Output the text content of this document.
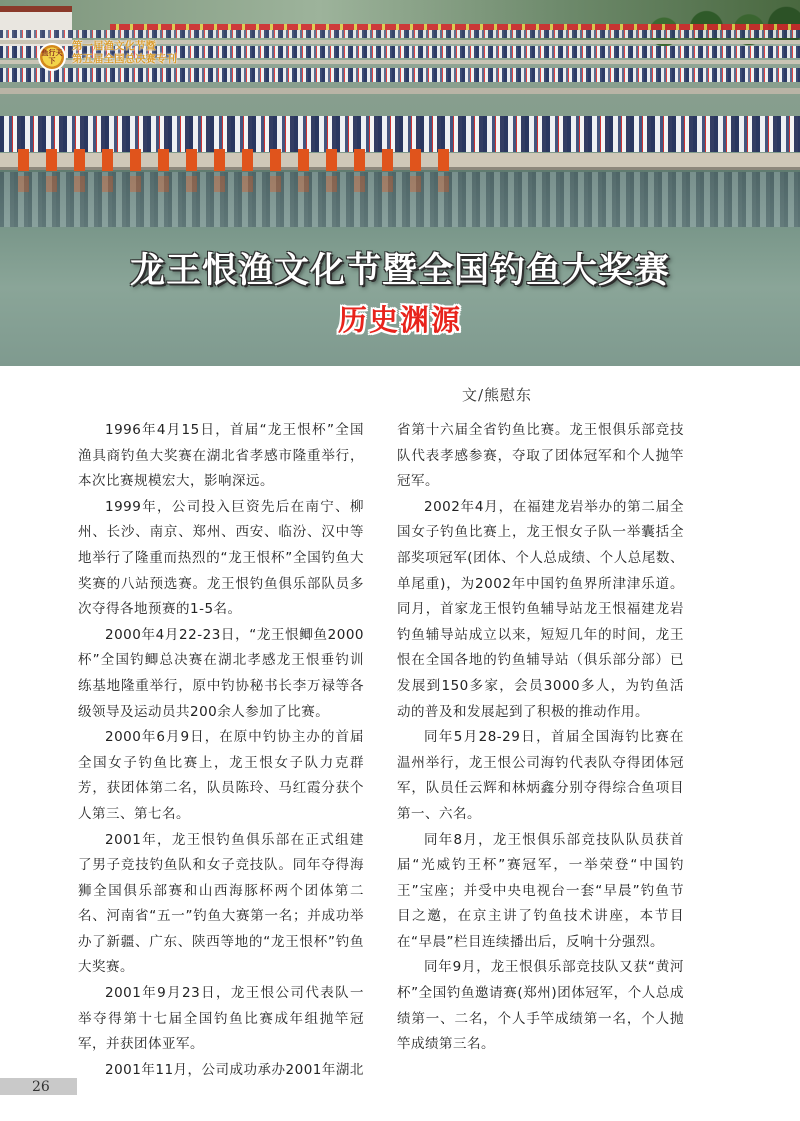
鱼行天下
第一届渔文化节暨
第五届全国总决赛专刊
龙王恨渔文化节暨全国钓鱼大奖赛
历史渊源
文/熊慰东

1996年4月15日，首届“龙王恨杯”全国渔具商钓鱼大奖赛在湖北省孝感市隆重举行，本次比赛规模宏大，影响深远。

1999年，公司投入巨资先后在南宁、柳州、长沙、南京、郑州、西安、临汾、汉中等地举行了隆重而热烈的“龙王恨杯”全国钓鱼大奖赛的八站预选赛。龙王恨钓鱼俱乐部队员多次夺得各地预赛的1-5名。

2000年4月22-23日，“龙王恨鲫鱼2000杯”全国钓鲫总决赛在湖北孝感龙王恨垂钓训练基地隆重举行，原中钓协秘书长李万禄等各级领导及运动员共200余人参加了比赛。

2000年6月9日，在原中钓协主办的首届全国女子钓鱼比赛上，龙王恨女子队力克群芳，获团体第二名，队员陈玲、马红霞分获个人第三、第七名。

2001年，龙王恨钓鱼俱乐部在正式组建了男子竞技钓鱼队和女子竞技队。同年夺得海狮全国俱乐部赛和山西海豚杯两个团体第二名、河南省“五一”钓鱼大赛第一名；并成功举办了新疆、广东、陕西等地的“龙王恨杯”钓鱼大奖赛。

2001年9月23日，龙王恨公司代表队一举夺得第十七届全国钓鱼比赛成年组抛竿冠军，并获团体亚军。

2001年11月，公司成功承办2001年湖北

省第十六届全省钓鱼比赛。龙王恨俱乐部竞技队代表孝感参赛，夺取了团体冠军和个人抛竿冠军。

2002年4月，在福建龙岩举办的第二届全国女子钓鱼比赛上，龙王恨女子队一举囊括全部奖项冠军(团体、个人总成绩、个人总尾数、单尾重)，为2002年中国钓鱼界所津津乐道。同月，首家龙王恨钓鱼辅导站龙王恨福建龙岩钓鱼辅导站成立以来，短短几年的时间，龙王恨在全国各地的钓鱼辅导站（俱乐部分部）已发展到150多家，会员3000多人，为钓鱼活动的普及和发展起到了积极的推动作用。

同年5月28-29日，首届全国海钓比赛在温州举行，龙王恨公司海钓代表队夺得团体冠军，队员任云辉和林炳鑫分别夺得综合鱼项目第一、六名。

同年8月，龙王恨俱乐部竞技队队员获首届“光威钓王杯”赛冠军，一举荣登“中国钓王”宝座；并受中央电视台一套“早晨”钓鱼节目之邀，在京主讲了钓鱼技术讲座，本节目在“早晨”栏目连续播出后，反响十分强烈。

同年9月，龙王恨俱乐部竞技队又获“黄河杯”全国钓鱼邀请赛(郑州)团体冠军，个人总成绩第一、二名，个人手竿成绩第一名，个人抛竿成绩第三名。

26
